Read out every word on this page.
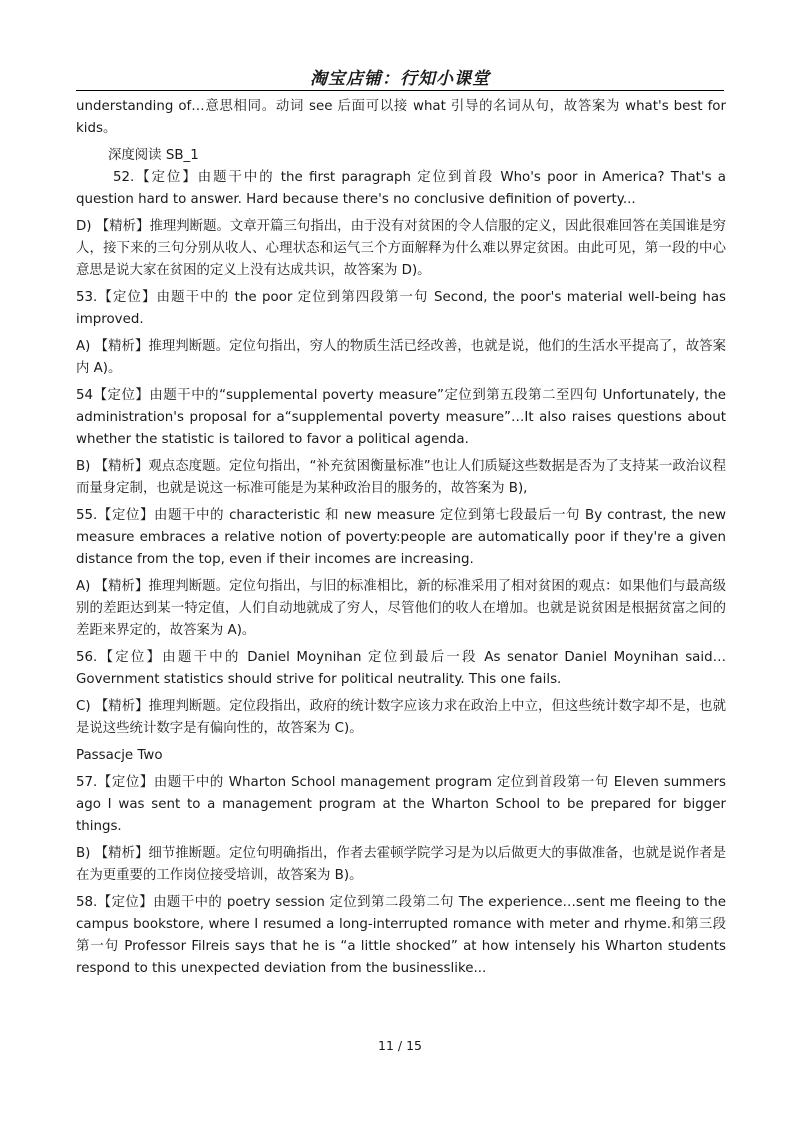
淘宝店铺：行知小课堂

understanding of…意思相同。动词 see 后面可以接 what 引导的名词从句，故答案为 what's best for kids。

深度阅读 SB_1

52.【定位】由题干中的 the first paragraph 定位到首段 Who's poor in America? That's a question hard to answer. Hard because there's no conclusive definition of poverty...

D) 【精析】推理判断题。文章开篇三句指出，由于没有对贫困的令人信服的定义，因此很难回答在美国谁是穷人，接下来的三句分别从收人、心理状态和运气三个方面解释为什么难以界定贫困。由此可见，第一段的中心意思是说大家在贫困的定义上没有达成共识，故答案为 D)。

53.【定位】由题干中的 the poor 定位到第四段第一句 Second, the poor's material well-being has improved.

A) 【精析】推理判断题。定位句指出，穷人的物质生活已经改善，也就是说，他们的生活水平提高了，故答案内 A)。

54【定位】由题干中的“supplemental poverty measure”定位到第五段第二至四句 Unfortunately, the administration's proposal for a“supplemental poverty measure”…It also raises questions about whether the statistic is tailored to favor a political agenda.

B) 【精析】观点态度题。定位句指出，“补充贫困衡量标准”也让人们质疑这些数据是否为了支持某一政治议程而量身定制，也就是说这一标准可能是为某种政治目的服务的，故答案为 B),

55.【定位】由题干中的 characteristic 和 new measure 定位到第七段最后一句 By contrast, the new measure embraces a relative notion of poverty:people are automatically poor if they're a given distance from the top, even if their incomes are increasing.

A) 【精析】推理判断题。定位句指出，与旧的标准相比，新的标准采用了相对贫困的观点：如果他们与最高级别的差距达到某一特定值，人们自动地就成了穷人，尽管他们的收人在增加。也就是说贫困是根据贫富之间的差距来界定的，故答案为 A)。

56.【定位】由题干中的 Daniel Moynihan 定位到最后一段 As senator Daniel Moynihan said…Government statistics should strive for political neutrality. This one fails.

C) 【精析】推理判断题。定位段指出，政府的统计数字应该力求在政治上中立，但这些统计数字却不是，也就是说这些统计数字是有偏向性的，故答案为 C)。

Passacje Two

57.【定位】由题干中的 Wharton School management program 定位到首段第一句 Eleven summers ago I was sent to a management program at the Wharton School to be prepared for bigger things.

B) 【精析】细节推断题。定位句明确指出，作者去霍顿学院学习是为以后做更大的事做准备，也就是说作者是在为更重要的工作岗位接受培训，故答案为 B)。

58.【定位】由题干中的 poetry session 定位到第二段第二句 The experience…sent me fleeing to the campus bookstore, where I resumed a long-interrupted romance with meter and rhyme.和第三段第一句 Professor Filreis says that he is “a little shocked” at how intensely his Wharton students respond to this unexpected deviation from the businesslike...

11 / 15
